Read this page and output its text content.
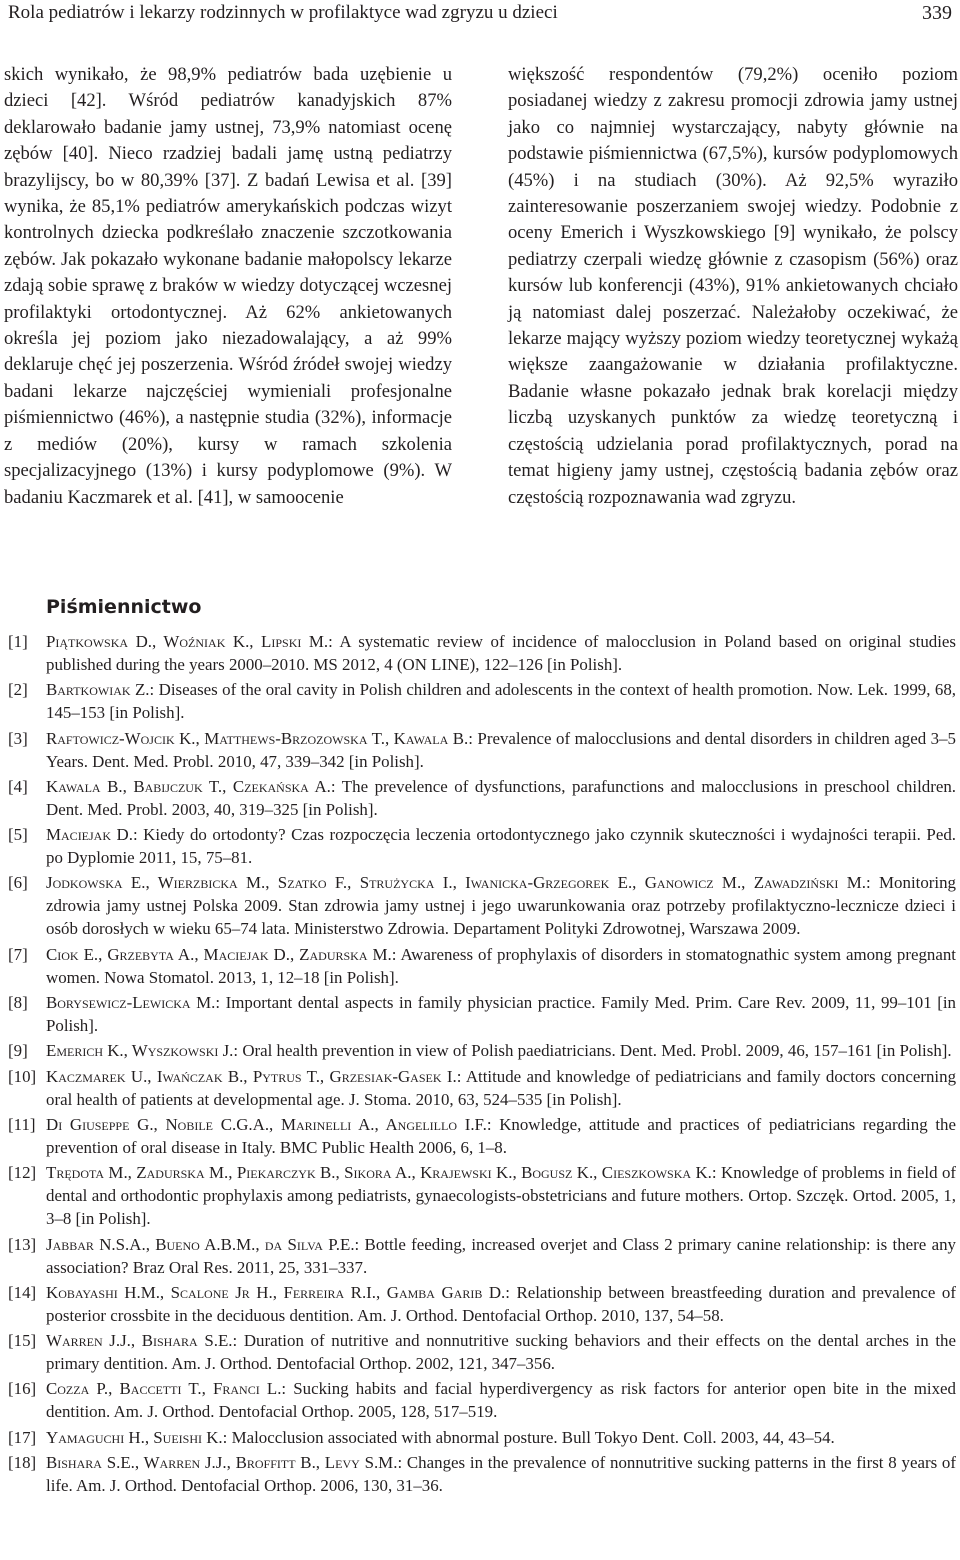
Rola pediatrów i lekarzy rodzinnych w profilaktyce wad zgryzu u dzieci	339

skich wynikało, że 98,9% pediatrów bada uzębienie u dzieci [42]. Wśród pediatrów kanadyjskich 87% deklarowało badanie jamy ustnej, 73,9% natomiast ocenę zębów [40]. Nieco rzadziej badali jamę ustną pediatrzy brazylijscy, bo w 80,39% [37]. Z badań Lewisa et al. [39] wynika, że 85,1% pediatrów amerykańskich podczas wizyt kontrolnych dziecka podkreślało znaczenie szczotkowania zębów. Jak pokazało wykonane badanie małopolscy lekarze zdają sobie sprawę z braków w wiedzy dotyczącej wczesnej profilaktyki ortodontycznej. Aż 62% ankietowanych określa jej poziom jako niezadowalający, a aż 99% deklaruje chęć jej poszerzenia. Wśród źródeł swojej wiedzy badani lekarze najczęściej wymieniali profesjonalne piśmiennictwo (46%), a następnie studia (32%), informacje z mediów (20%), kursy w ramach szkolenia specjalizacyjnego (13%) i kursy podyplomowe (9%). W badaniu Kaczmarek et al. [41], w samoocenie

większość respondentów (79,2%) oceniło poziom posiadanej wiedzy z zakresu promocji zdrowia jamy ustnej jako co najmniej wystarczający, nabyty głównie na podstawie piśmiennictwa (67,5%), kursów podyplomowych (45%) i na studiach (30%). Aż 92,5% wyraziło zainteresowanie poszerzaniem swojej wiedzy. Podobnie z oceny Emerich i Wyszkowskiego [9] wynikało, że polscy pediatrzy czerpali wiedzę głównie z czasopism (56%) oraz kursów lub konferencji (43%), 91% ankietowanych chciało ją natomiast dalej poszerzać. Należałoby oczekiwać, że lekarze mający wyższy poziom wiedzy teoretycznej wykażą większe zaangażowanie w działania profilaktyczne. Badanie własne pokazało jednak brak korelacji między liczbą uzyskanych punktów za wiedzę teoretyczną i częstością udzielania porad profilaktycznych, porad na temat higieny jamy ustnej, częstością badania zębów oraz częstością rozpoznawania wad zgryzu.

Piśmiennictwo
[1] Piątkowska D., Woźniak K., Lipski M.: A systematic review of incidence of malocclusion in Poland based on original studies published during the years 2000–2010. MS 2012, 4 (ON LINE), 122–126 [in Polish].
[2] Bartkowiak Z.: Diseases of the oral cavity in Polish children and adolescents in the context of health promotion. Now. Lek. 1999, 68, 145–153 [in Polish].
[3] Raftowicz-Wojcik K., Matthews-Brzozowska T., Kawala B.: Prevalence of malocclusions and dental disorders in children aged 3–5 Years. Dent. Med. Probl. 2010, 47, 339–342 [in Polish].
[4] Kawala B., Babijczuk T., Czekańska A.: The prevelence of dysfunctions, parafunctions and malocclusions in preschool children. Dent. Med. Probl. 2003, 40, 319–325 [in Polish].
[5] Maciejak D.: Kiedy do ortodonty? Czas rozpoczęcia leczenia ortodontycznego jako czynnik skuteczności i wydajności terapii. Ped. po Dyplomie 2011, 15, 75–81.
[6] Jodkowska E., Wierzbicka M., Szatko F., Strużycka I., Iwanicka-Grzegorek E., Ganowicz M., Zawadziński M.: Monitoring zdrowia jamy ustnej Polska 2009. Stan zdrowia jamy ustnej i jego uwarunkowania oraz potrzeby profilaktyczno-lecznicze dzieci i osób dorosłych w wieku 65–74 lata. Ministerstwo Zdrowia. Departament Polityki Zdrowotnej, Warszawa 2009.
[7] Ciok E., Grzebyta A., Maciejak D., Zadurska M.: Awareness of prophylaxis of disorders in stomatognathic system among pregnant women. Nowa Stomatol. 2013, 1, 12–18 [in Polish].
[8] Borysewicz-Lewicka M.: Important dental aspects in family physician practice. Family Med. Prim. Care Rev. 2009, 11, 99–101 [in Polish].
[9] Emerich K., Wyszkowski J.: Oral health prevention in view of Polish paediatricians. Dent. Med. Probl. 2009, 46, 157–161 [in Polish].
[10] Kaczmarek U., Iwańczak B., Pytrus T., Grzesiak-Gasek I.: Attitude and knowledge of pediatricians and family doctors concerning oral health of patients at developmental age. J. Stoma. 2010, 63, 524–535 [in Polish].
[11] Di Giuseppe G., Nobile C.G.A., Marinelli A., Angelillo I.F.: Knowledge, attitude and practices of pediatricians regarding the prevention of oral disease in Italy. BMC Public Health 2006, 6, 1–8.
[12] Trędota M., Zadurska M., Piekarczyk B., Sikora A., Krajewski K., Bogusz K., Cieszkowska K.: Knowledge of problems in field of dental and orthodontic prophylaxis among pediatrists, gynaecologists-obstetricians and future mothers. Ortop. Szczęk. Ortod. 2005, 1, 3–8 [in Polish].
[13] Jabbar N.S.A., Bueno A.B.M., da Silva P.E.: Bottle feeding, increased overjet and Class 2 primary canine relationship: is there any association? Braz Oral Res. 2011, 25, 331–337.
[14] Kobayashi H.M., Scalone Jr H., Ferreira R.I., Gamba Garib D.: Relationship between breastfeeding duration and prevalence of posterior crossbite in the deciduous dentition. Am. J. Orthod. Dentofacial Orthop. 2010, 137, 54–58.
[15] Warren J.J., Bishara S.E.: Duration of nutritive and nonnutritive sucking behaviors and their effects on the dental arches in the primary dentition. Am. J. Orthod. Dentofacial Orthop. 2002, 121, 347–356.
[16] Cozza P., Baccetti T., Franci L.: Sucking habits and facial hyperdivergency as risk factors for anterior open bite in the mixed dentition. Am. J. Orthod. Dentofacial Orthop. 2005, 128, 517–519.
[17] Yamaguchi H., Sueishi K.: Malocclusion associated with abnormal posture. Bull Tokyo Dent. Coll. 2003, 44, 43–54.
[18] Bishara S.E., Warren J.J., Broffitt B., Levy S.M.: Changes in the prevalence of nonnutritive sucking patterns in the first 8 years of life. Am. J. Orthod. Dentofacial Orthop. 2006, 130, 31–36.
